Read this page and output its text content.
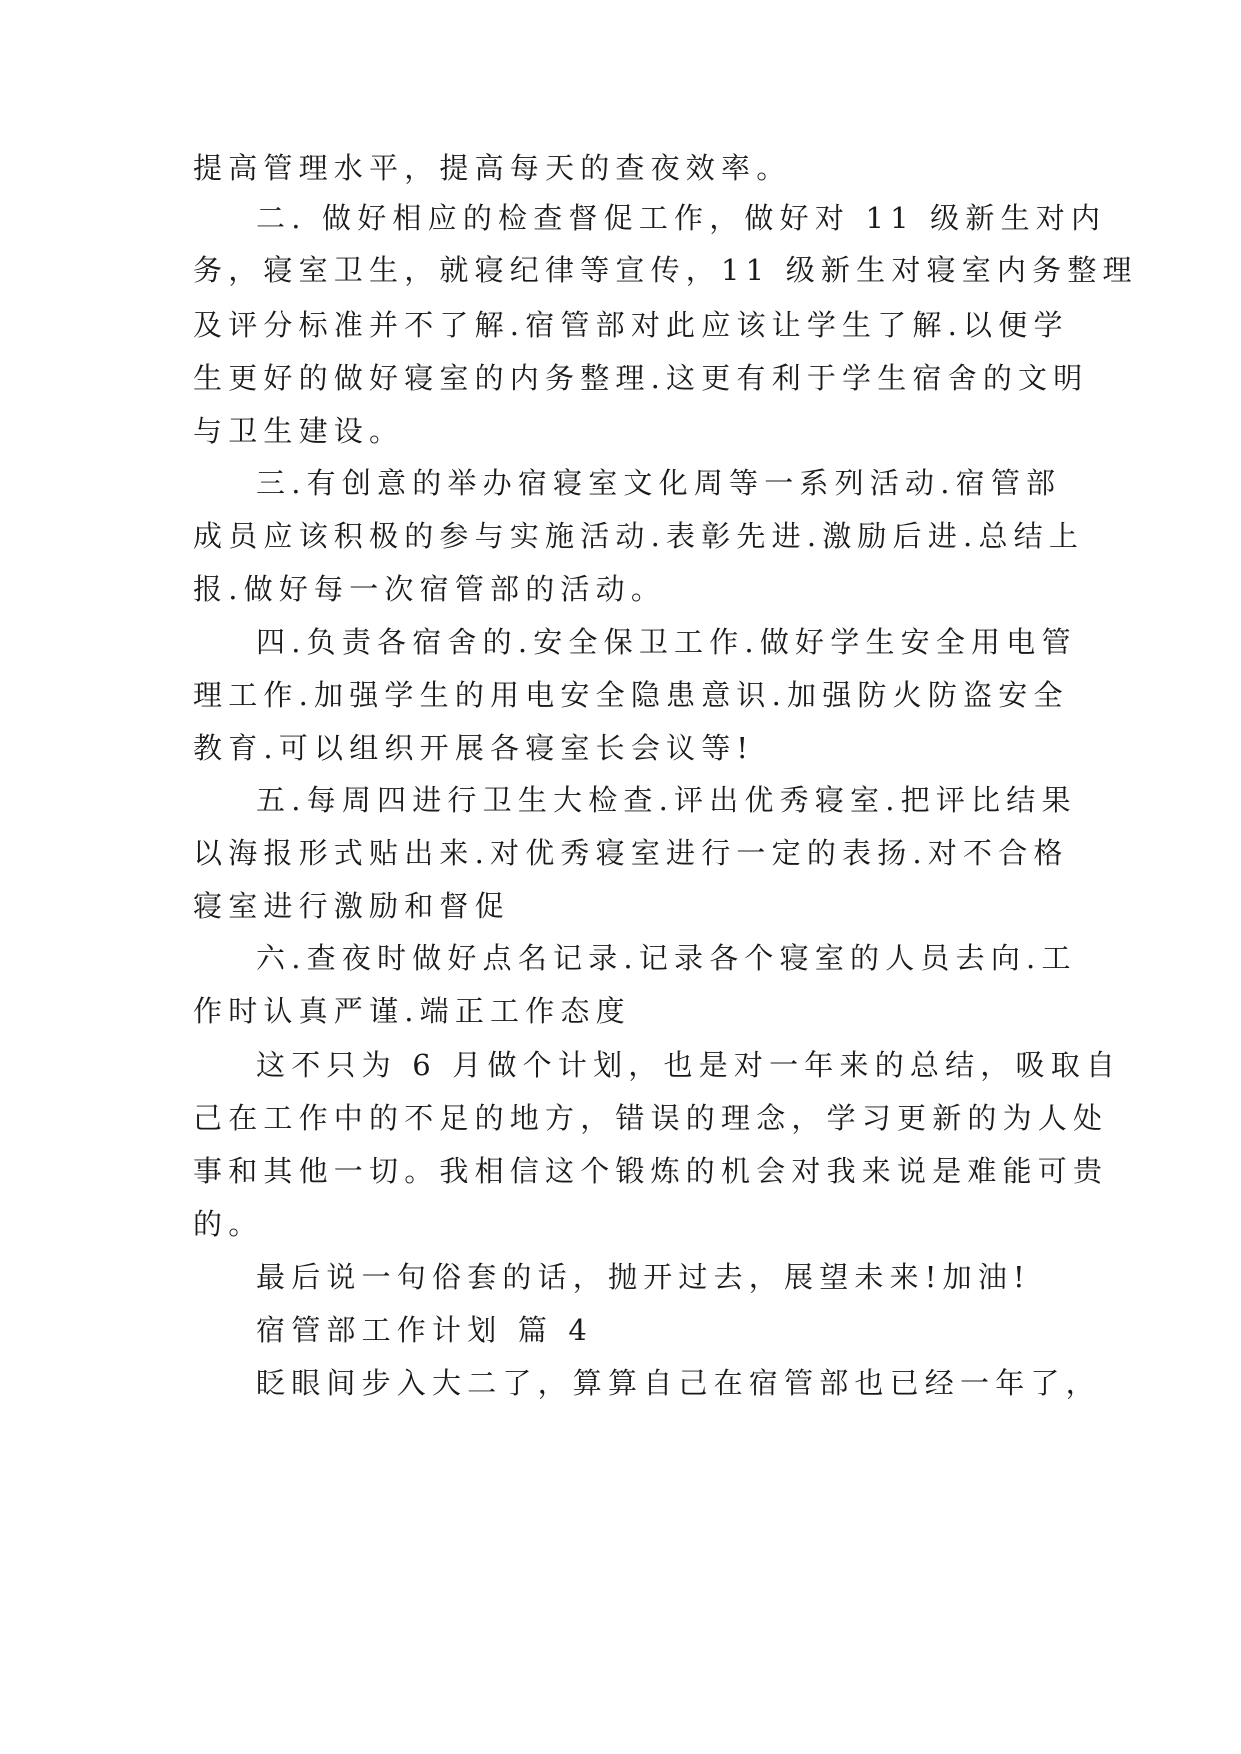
提高管理水平，提高每天的查夜效率。

二. 做好相应的检查督促工作，做好对 11 级新生对内

务，寝室卫生，就寝纪律等宣传，11 级新生对寝室内务整理

及评分标准并不了解.宿管部对此应该让学生了解.以便学

生更好的做好寝室的内务整理.这更有利于学生宿舍的文明

与卫生建设。

三.有创意的举办宿寝室文化周等一系列活动.宿管部

成员应该积极的参与实施活动.表彰先进.激励后进.总结上

报.做好每一次宿管部的活动。

四.负责各宿舍的.安全保卫工作.做好学生安全用电管

理工作.加强学生的用电安全隐患意识.加强防火防盗安全

教育.可以组织开展各寝室长会议等!

五.每周四进行卫生大检查.评出优秀寝室.把评比结果

以海报形式贴出来.对优秀寝室进行一定的表扬.对不合格

寝室进行激励和督促

六.查夜时做好点名记录.记录各个寝室的人员去向.工

作时认真严谨.端正工作态度

这不只为 6 月做个计划，也是对一年来的总结，吸取自

己在工作中的不足的地方，错误的理念，学习更新的为人处

事和其他一切。我相信这个锻炼的机会对我来说是难能可贵

的。

最后说一句俗套的话，抛开过去，展望未来!加油!

宿管部工作计划 篇 4

眨眼间步入大二了，算算自己在宿管部也已经一年了，
